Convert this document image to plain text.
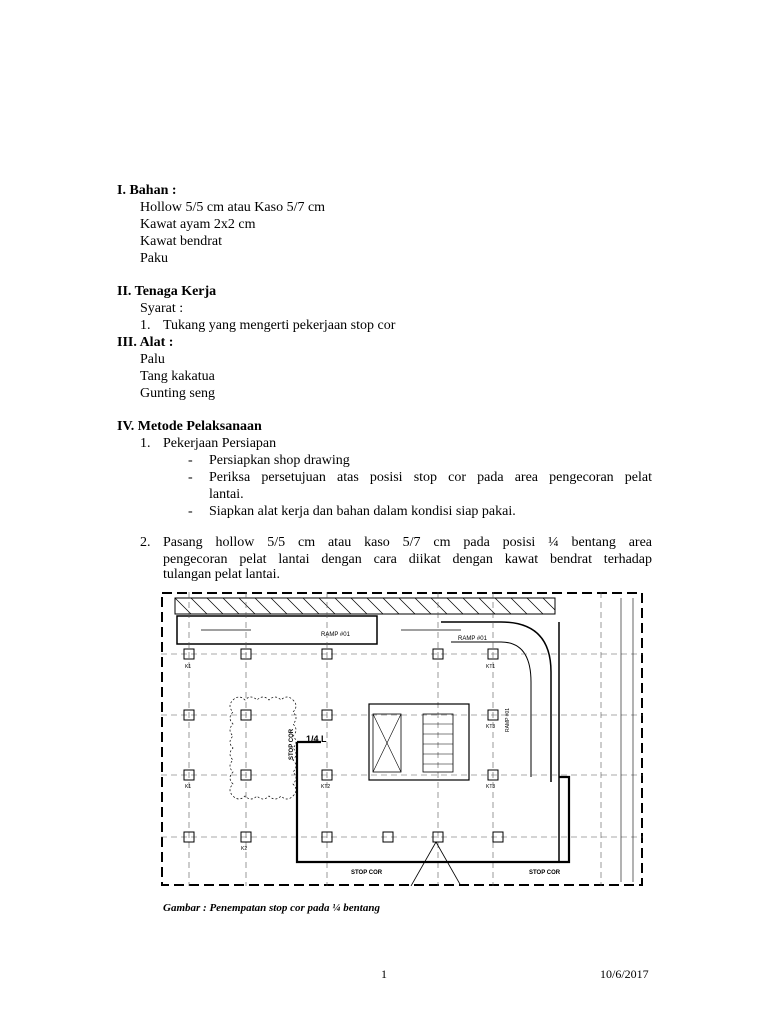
I. Bahan :
Hollow 5/5 cm atau Kaso 5/7 cm
Kawat ayam 2x2 cm
Kawat bendrat
Paku
II. Tenaga Kerja
Syarat :
1. Tukang yang mengerti pekerjaan stop cor
III. Alat :
Palu
Tang kakatua
Gunting seng
IV. Metode Pelaksanaan
1. Pekerjaan Persiapan
- Persiapkan shop drawing
- Periksa persetujuan atas posisi stop cor pada area pengecoran pelat
lantai.
- Siapkan alat kerja dan bahan dalam kondisi siap pakai.
2. Pasang hollow 5/5 cm atau kaso 5/7 cm pada posisi ¼ bentang area
pengecoran pelat lantai dengan cara diikat dengan kawat bendrat terhadap
tulangan pelat lantai.
RAMP #01
RAMP #01
STOP COR 1/4 L
STOP COR	STOP COR
K1
K1	KT2
KT1
KT3
KT3
K2
RAMP #01
Gambar : Penempatan stop cor pada ¼ bentang
1	10/6/2017
